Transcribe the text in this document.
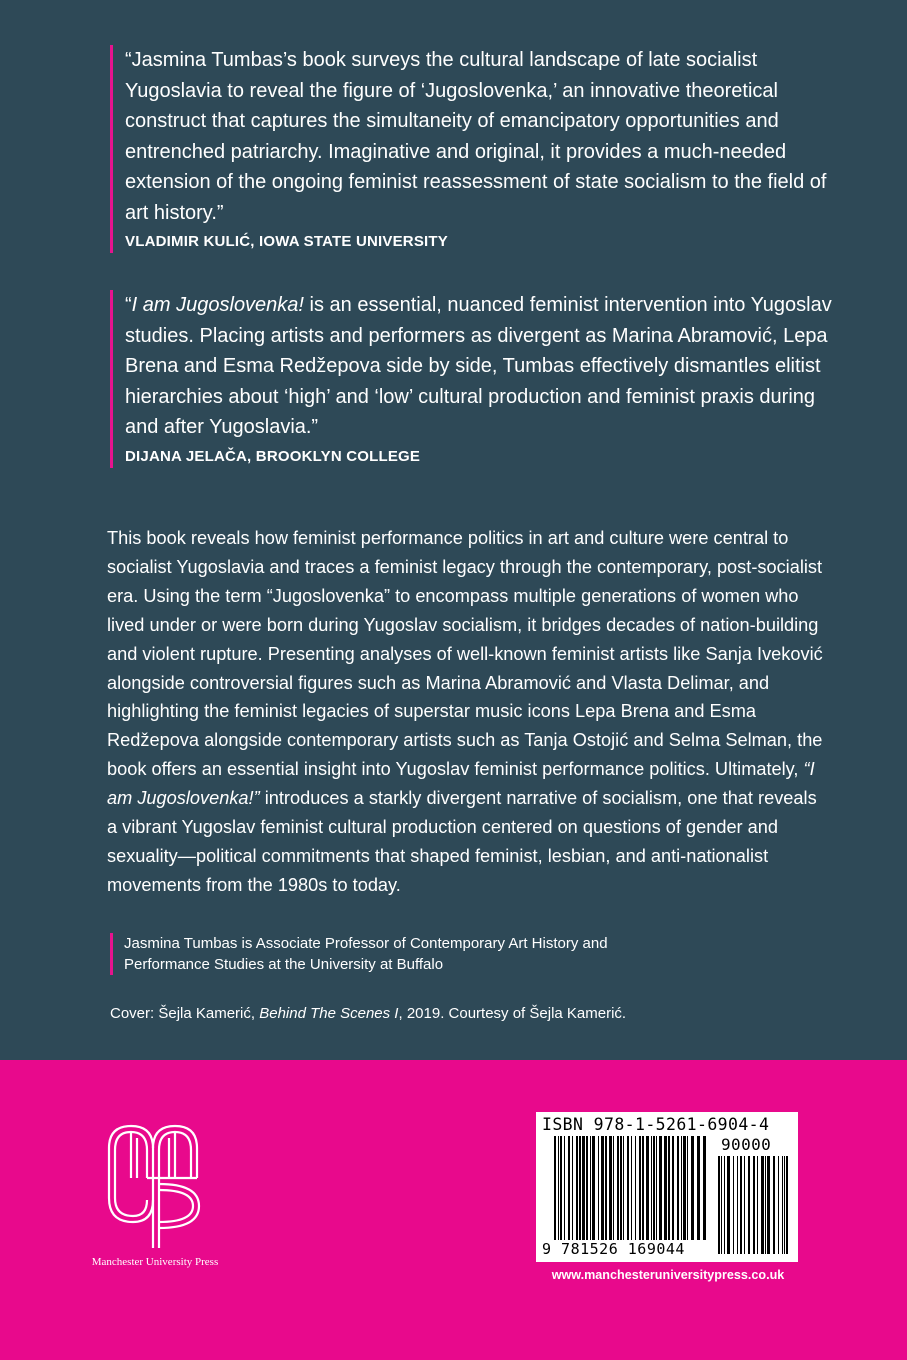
“Jasmina Tumbas’s book surveys the cultural landscape of late socialist Yugoslavia to reveal the figure of ‘Jugoslovenka,’ an innovative theoretical construct that captures the simultaneity of emancipatory opportunities and entrenched patriarchy. Imaginative and original, it provides a much-needed extension of the ongoing feminist reassessment of state socialism to the field of art history.”

VLADIMIR KULIĆ, IOWA STATE UNIVERSITY

“I am Jugoslovenka! is an essential, nuanced feminist intervention into Yugoslav studies. Placing artists and performers as divergent as Marina Abramović, Lepa Brena and Esma Redžepova side by side, Tumbas effectively dismantles elitist hierarchies about ‘high’ and ‘low’ cultural production and feminist praxis during and after Yugoslavia.”

DIJANA JELAČA, BROOKLYN COLLEGE

This book reveals how feminist performance politics in art and culture were central to socialist Yugoslavia and traces a feminist legacy through the contemporary, post-socialist era. Using the term “Jugoslovenka” to encompass multiple generations of women who lived under or were born during Yugoslav socialism, it bridges decades of nation-building and violent rupture. Presenting analyses of well-known feminist artists like Sanja Iveković alongside controversial figures such as Marina Abramović and Vlasta Delimar, and highlighting the feminist legacies of superstar music icons Lepa Brena and Esma Redžepova alongside contemporary artists such as Tanja Ostojić and Selma Selman, the book offers an essential insight into Yugoslav feminist performance politics. Ultimately, “I am Jugoslovenka!” introduces a starkly divergent narrative of socialism, one that reveals a vibrant Yugoslav feminist cultural production centered on questions of gender and sexuality—political commitments that shaped feminist, lesbian, and anti-nationalist movements from the 1980s to today.

Jasmina Tumbas is Associate Professor of Contemporary Art History and Performance Studies at the University at Buffalo
Cover: Šejla Kamerić, Behind The Scenes I, 2019. Courtesy of Šejla Kamerić.
Manchester University Press
ISBN 978-1-5261-6904-4
90000
9 781526 169044
www.manchesteruniversitypress.co.uk
